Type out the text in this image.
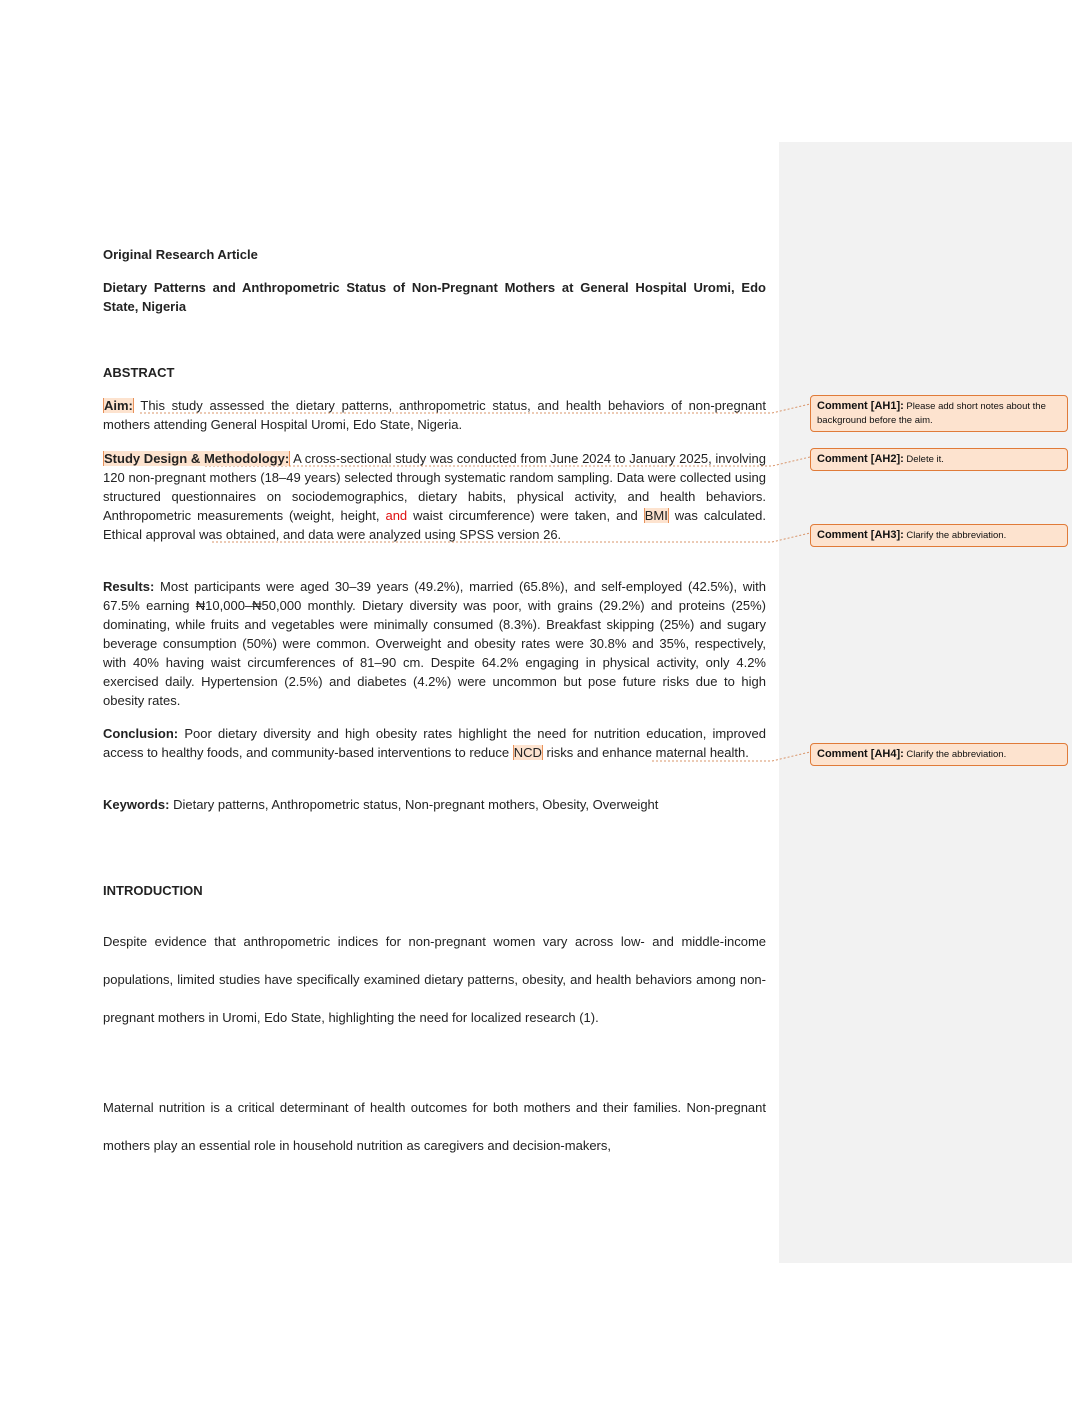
Original Research Article
Dietary Patterns and Anthropometric Status of Non-Pregnant Mothers at General Hospital Uromi, Edo State, Nigeria
ABSTRACT
Aim: This study assessed the dietary patterns, anthropometric status, and health behaviors of non-pregnant mothers attending General Hospital Uromi, Edo State, Nigeria.
Study Design & Methodology: A cross-sectional study was conducted from June 2024 to January 2025, involving 120 non-pregnant mothers (18–49 years) selected through systematic random sampling. Data were collected using structured questionnaires on sociodemographics, dietary habits, physical activity, and health behaviors. Anthropometric measurements (weight, height, and waist circumference) were taken, and BMI was calculated. Ethical approval was obtained, and data were analyzed using SPSS version 26.
Results: Most participants were aged 30–39 years (49.2%), married (65.8%), and self-employed (42.5%), with 67.5% earning ₦10,000–₦50,000 monthly. Dietary diversity was poor, with grains (29.2%) and proteins (25%) dominating, while fruits and vegetables were minimally consumed (8.3%). Breakfast skipping (25%) and sugary beverage consumption (50%) were common. Overweight and obesity rates were 30.8% and 35%, respectively, with 40% having waist circumferences of 81–90 cm. Despite 64.2% engaging in physical activity, only 4.2% exercised daily. Hypertension (2.5%) and diabetes (4.2%) were uncommon but pose future risks due to high obesity rates.
Conclusion: Poor dietary diversity and high obesity rates highlight the need for nutrition education, improved access to healthy foods, and community-based interventions to reduce NCD risks and enhance maternal health.
Keywords: Dietary patterns, Anthropometric status, Non-pregnant mothers, Obesity, Overweight
INTRODUCTION
Despite evidence that anthropometric indices for non-pregnant women vary across low- and middle-income populations, limited studies have specifically examined dietary patterns, obesity, and health behaviors among non-pregnant mothers in Uromi, Edo State, highlighting the need for localized research (1).
Maternal nutrition is a critical determinant of health outcomes for both mothers and their families. Non-pregnant mothers play an essential role in household nutrition as caregivers and decision-makers,
Comment [AH1]: Please add short notes about the background before the aim.
Comment [AH2]: Delete it.
Comment [AH3]: Clarify the abbreviation.
Comment [AH4]: Clarify the abbreviation.
